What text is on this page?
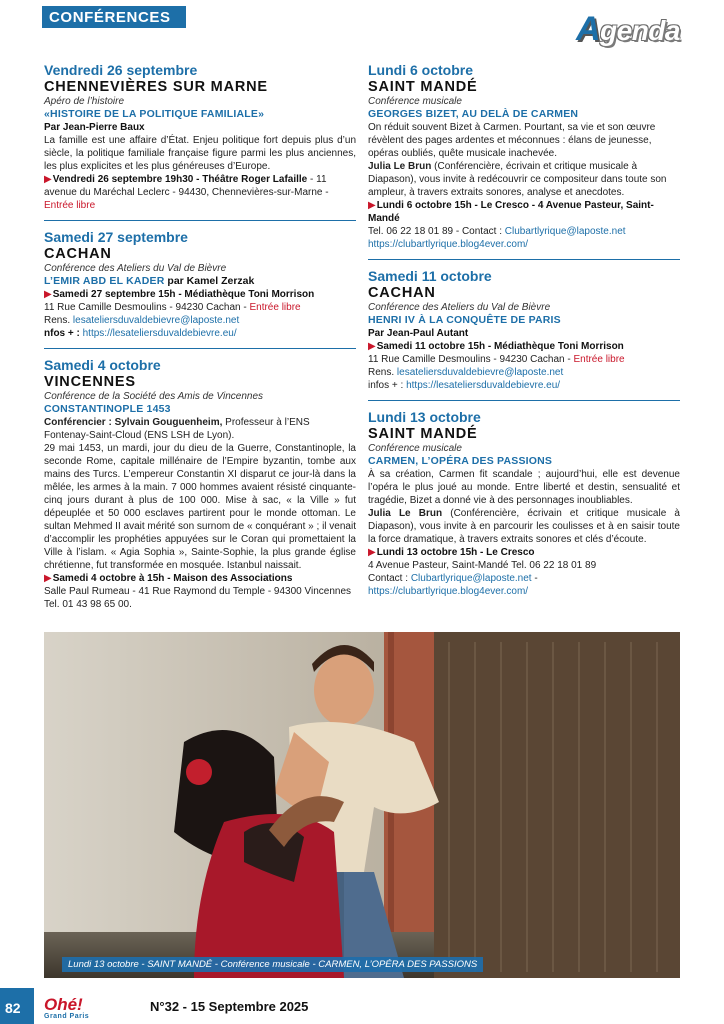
CONFÉRENCES	Agenda
Vendredi 26 septembre
CHENNEVIÈRES SUR MARNE
Apéro de l’histoire
«HISTOIRE DE LA POLITIQUE FAMILIALE»
Par Jean-Pierre Baux
La famille est une affaire d’État. Enjeu politique fort depuis plus d’un siècle, la politique familiale française figure parmi les plus anciennes, les plus explicites et les plus généreuses d’Europe.
▶Vendredi 26 septembre 19h30 - Théâtre Roger Lafaille - 11 avenue du Maréchal Leclerc - 94430, Chennevières-sur-Marne - Entrée libre
Samedi 27 septembre
CACHAN
Conférence des Ateliers du Val de Bièvre
L’EMIR ABD EL KADER par Kamel Zerzak
▶Samedi 27 septembre 15h - Médiathèque Toni Morrison
11 Rue Camille Desmoulins - 94230 Cachan - Entrée libre
Rens. lesateliersduvaldebievre@laposte.net
nfos + : https://lesateliersduvaldebievre.eu/
Samedi 4 octobre
VINCENNES
Conférence de la Société des Amis de Vincennes
CONSTANTINOPLE 1453
Conférencier : Sylvain Gouguenheim, Professeur à l’ENS Fontenay-Saint-Cloud (ENS LSH de Lyon).
29 mai 1453, un mardi, jour du dieu de la Guerre, Constantinople, la seconde Rome, capitale millénaire de l’Empire byzantin, tombe aux mains des Turcs. L’empereur Constantin XI disparut ce jour-là dans la mêlée, les armes à la main. 7 000 hommes avaient résisté cinquante-cinq jours durant à plus de 100 000. Mise à sac, « la Ville » fut dépeuplée et 50 000 esclaves partirent pour le monde ottoman. Le sultan Mehmed II avait mérité son surnom de « conquérant » ; il venait d’accomplir les prophéties appuyées sur le Coran qui promettaient la Ville à l’islam. « Agia Sophia », Sainte-Sophie, la plus grande église chrétienne, fut transformée en mosquée. Istanbul naissait.
▶Samedi 4 octobre à 15h - Maison des Associations
Salle Paul Rumeau - 41 Rue Raymond du Temple - 94300 Vincennes
Tel. 01 43 98 65 00.
Lundi 6 octobre
SAINT MANDÉ
Conférence musicale
GEORGES BIZET, AU DELÀ DE CARMEN
On réduit souvent Bizet à Carmen. Pourtant, sa vie et son œuvre révèlent des pages ardentes et méconnues : élans de jeunesse, opéras oubliés, quête musicale inachevée.
Julia Le Brun (Conférencière, écrivain et critique musicale à Diapason), vous invite à redécouvrir ce compositeur dans toute son ampleur, à travers extraits sonores, analyse et anecdotes.
▶Lundi 6 octobre 15h - Le Cresco - 4 Avenue Pasteur, Saint-Mandé
Tel. 06 22 18 01 89 - Contact : Clubartlyrique@laposte.net
https://clubartlyrique.blog4ever.com/
Samedi 11 octobre
CACHAN
Conférence des Ateliers du Val de Bièvre
HENRI IV À LA CONQUÊTE DE PARIS
Par Jean-Paul Autant
▶Samedi 11 octobre 15h - Médiathèque Toni Morrison
11 Rue Camille Desmoulins - 94230 Cachan - Entrée libre
Rens. lesateliersduvaldebievre@laposte.net
infos + : https://lesateliersduvaldebievre.eu/
Lundi 13 octobre
SAINT MANDÉ
Conférence musicale
CARMEN, L’OPÉRA DES PASSIONS
À sa création, Carmen fit scandale ; aujourd’hui, elle est devenue l’opéra le plus joué au monde. Entre liberté et destin, sensualité et tragédie, Bizet a donné vie à des personnages inoubliables.
Julia Le Brun (Conférencière, écrivain et critique musicale à Diapason), vous invite à en parcourir les coulisses et à en saisir toute la force dramatique, à travers extraits sonores et clés d’écoute.
▶Lundi 13 octobre 15h - Le Cresco
4 Avenue Pasteur, Saint-Mandé Tel. 06 22 18 01 89
Contact : Clubartlyrique@laposte.net - https://clubartlyrique.blog4ever.com/
Lundi 13 octobre - SAINT MANDÉ - Conférence musicale - CARMEN, L’OPÉRA DES PASSIONS
82	Ohé!
Grand Paris
N°32 - 15 Septembre 2025
